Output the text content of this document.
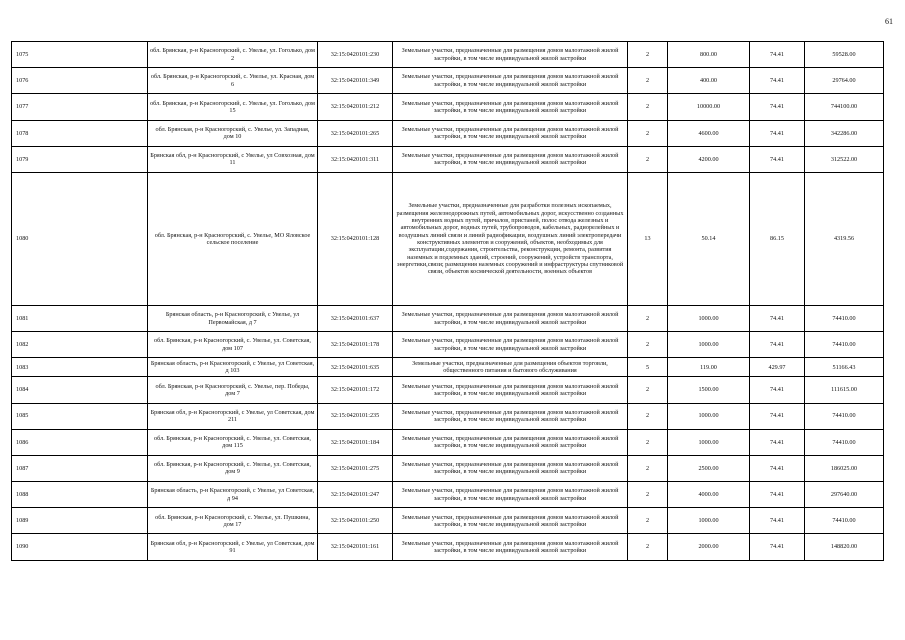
61
1075	обл. Брянская, р-н Красногорский, с. Увелье, ул. Гоголько, дом 2	32:15:0420101:230	Земельные участки, предназначенные для размещения домов малоэтажной жилой застройки, в том числе индивидуальной жилой застройки	2	800.00	74.41	59528.00
1076	обл. Брянская, р-н Красногорский, с. Увелье, ул. Красная, дом 6	32:15:0420101:349	Земельные участки, предназначенные для размещения домов малоэтажной жилой застройки, в том числе индивидуальной жилой застройки	2	400.00	74.41	29764.00
1077	обл. Брянская, р-н Красногорский, с. Увелье, ул. Гоголько, дом 15	32:15:0420101:212	Земельные участки, предназначенные для размещения домов малоэтажной жилой застройки, в том числе индивидуальной жилой застройки	2	10000.00	74.41	744100.00
1078	обл. Брянская, р-н Красногорский, с. Увелье, ул. Западная, дом 10	32:15:0420101:265	Земельные участки, предназначенные для размещения домов малоэтажной жилой застройки, в том числе индивидуальной жилой застройки	2	4600.00	74.41	342286.00
1079	Брянская обл, р-н Красногорский, с Увелье, ул Совхозная, дом 11	32:15:0420101:311	Земельные участки, предназначенные для размещения домов малоэтажной жилой застройки, в том числе индивидуальной жилой застройки	2	4200.00	74.41	312522.00
1080	обл. Брянская, р-н Красногорский, с. Увелье, МО Яловское сельское поселение	32:15:0420101:128	Земельные участки, предназначенные для разработки полезных ископаемых, размещения железнодорожных путей, автомобильных дорог, искусственно созданных внутренних водных путей, причалов, пристаней, полос отвода железных и автомобильных дорог, водных путей, трубопроводов, кабельных, радиорелейных и воздушных линий связи и линий радиофикации, воздушных линий электропередачи конструктивных элементов и сооружений, объектов, необходимых для эксплуатации,содержания, строительства, реконструкции, ремонта, развития наземных и подземных зданий, строений, сооружений, устройств транспорта, энергетики,связи; размещения наземных сооружений и инфраструктуры спутниковой связи, объектов космической деятельности, военных объектов	13	50.14	86.15	4319.56
1081	Брянская область, р-н Красногорский, с Увелье, ул Первомайская, д 7	32:15:0420101:637	Земельные участки, предназначенные для размещения домов малоэтажной жилой застройки, в том числе индивидуальной жилой застройки	2	1000.00	74.41	74410.00
1082	обл. Брянская, р-н Красногорский, с. Увелье, ул. Советская, дом 107	32:15:0420101:178	Земельные участки, предназначенные для размещения домов малоэтажной жилой застройки, в том числе индивидуальной жилой застройки	2	1000.00	74.41	74410.00
1083	Брянская область, р-н Красногорский, с Увелье, ул Советская, д 103	32:15:0420101:635	Земельные участки, предназначенные для размещения объектов торговли, общественного питания и бытового обслуживания	5	119.00	429.97	51166.43
1084	обл. Брянская, р-н Красногорский, с. Увелье, пер. Победы, дом 7	32:15:0420101:172	Земельные участки, предназначенные для размещения домов малоэтажной жилой застройки, в том числе индивидуальной жилой застройки	2	1500.00	74.41	111615.00
1085	Брянская обл, р-н Красногорский, с Увелье, ул Советская, дом 211	32:15:0420101:235	Земельные участки, предназначенные для размещения домов малоэтажной жилой застройки, в том числе индивидуальной жилой застройки	2	1000.00	74.41	74410.00
1086	обл. Брянская, р-н Красногорский, с. Увелье, ул. Советская, дом 115	32:15:0420101:184	Земельные участки, предназначенные для размещения домов малоэтажной жилой застройки, в том числе индивидуальной жилой застройки	2	1000.00	74.41	74410.00
1087	обл. Брянская, р-н Красногорский, с. Увелье, ул. Советская, дом 9	32:15:0420101:275	Земельные участки, предназначенные для размещения домов малоэтажной жилой застройки, в том числе индивидуальной жилой застройки	2	2500.00	74.41	186025.00
1088	Брянская область, р-н Красногорский, с Увелье, ул Советская, д 94	32:15:0420101:247	Земельные участки, предназначенные для размещения домов малоэтажной жилой застройки, в том числе индивидуальной жилой застройки	2	4000.00	74.41	297640.00
1089	обл. Брянская, р-н Красногорский, с. Увелье, ул. Пушкина, дом 17	32:15:0420101:250	Земельные участки, предназначенные для размещения домов малоэтажной жилой застройки, в том числе индивидуальной жилой застройки	2	1000.00	74.41	74410.00
1090	Брянская обл, р-н Красногорский, с Увелье, ул Советская, дом 91	32:15:0420101:161	Земельные участки, предназначенные для размещения домов малоэтажной жилой застройки, в том числе индивидуальной жилой застройки	2	2000.00	74.41	148820.00
